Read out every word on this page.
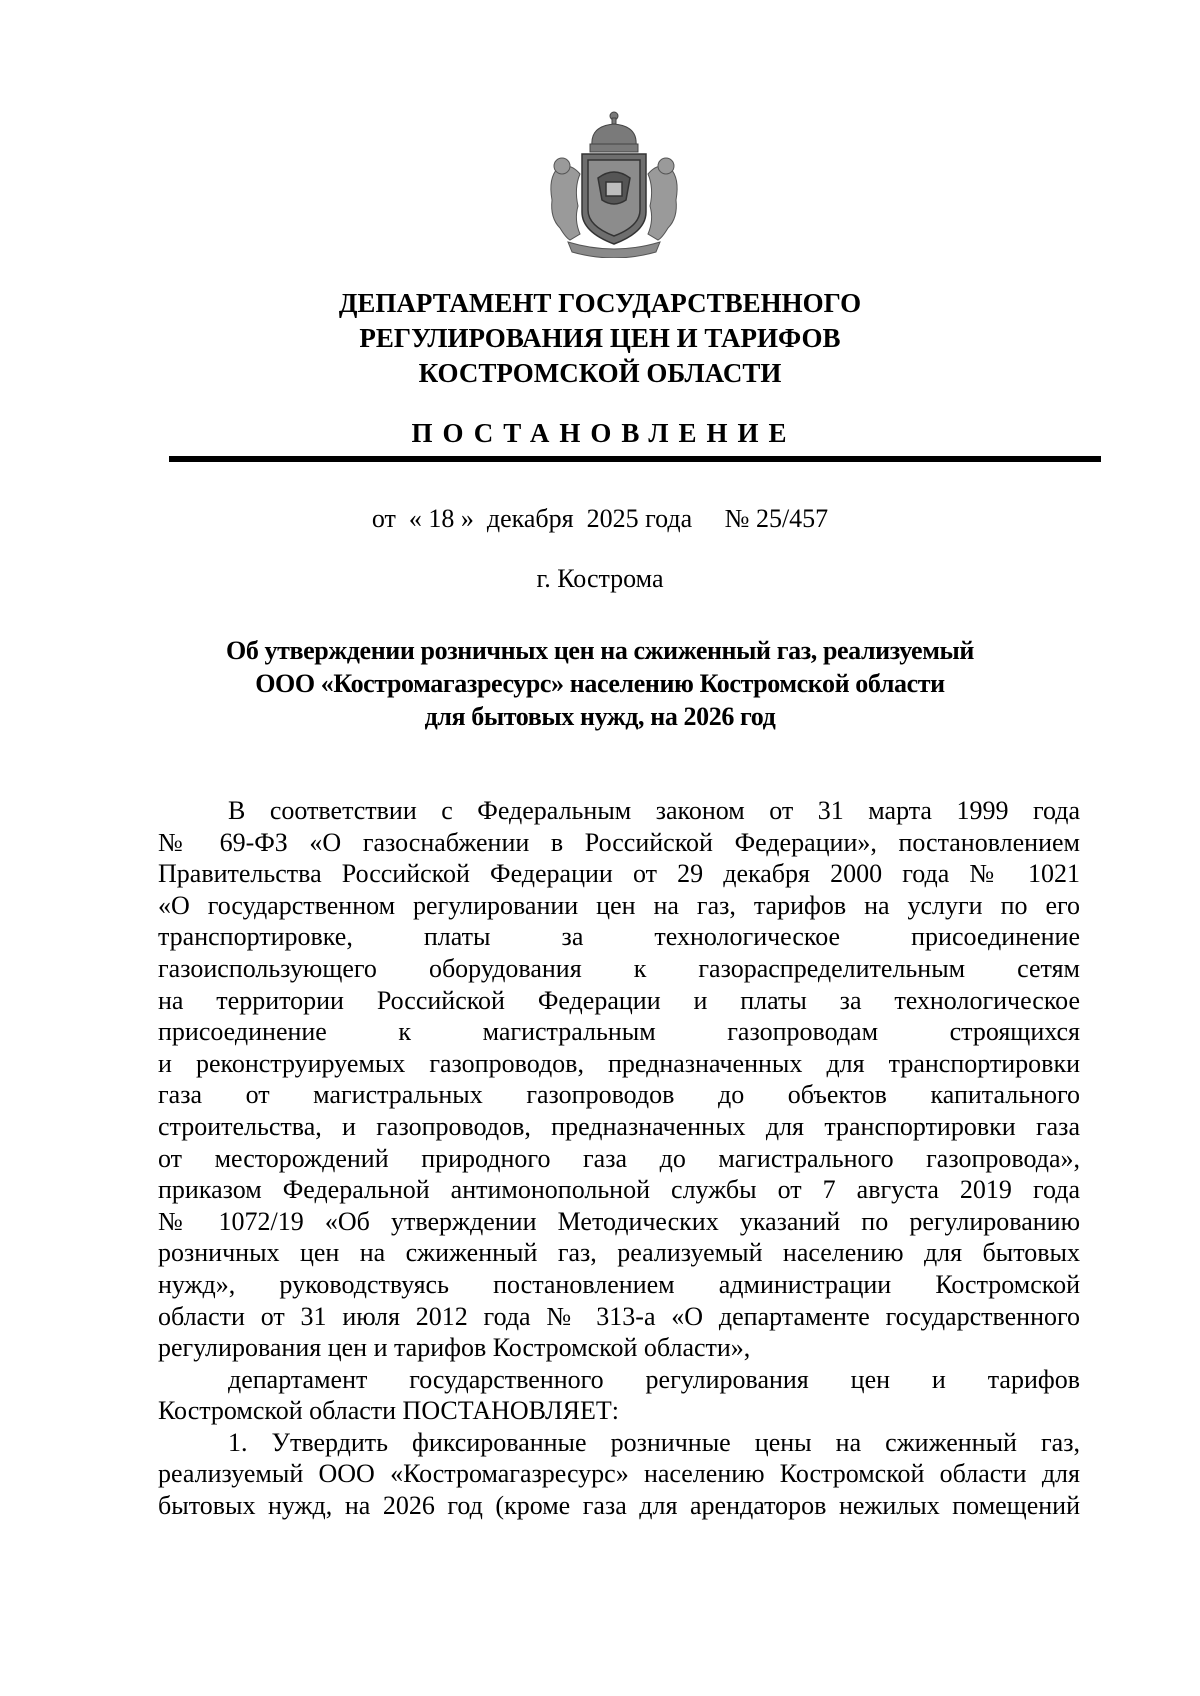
ДЕПАРТАМЕНТ ГОСУДАРСТВЕННОГО
РЕГУЛИРОВАНИЯ ЦЕН И ТАРИФОВ
КОСТРОМСКОЙ ОБЛАСТИ
ПОСТАНОВЛЕНИЕ
от « 18 » декабря 2025 года № 25/457
г. Кострома
Об утверждении розничных цен на сжиженный газ, реализуемый
ООО «Костромагазресурс» населению Костромской области
для бытовых нужд, на 2026 год
В соответствии с Федеральным законом от 31 марта 1999 года
№ 69-ФЗ «О газоснабжении в Российской Федерации», постановлением
Правительства Российской Федерации от 29 декабря 2000 года № 1021
«О государственном регулировании цен на газ, тарифов на услуги по его
транспортировке, платы за технологическое присоединение
газоиспользующего оборудования к газораспределительным сетям
на территории Российской Федерации и платы за технологическое
присоединение к магистральным газопроводам строящихся
и реконструируемых газопроводов, предназначенных для транспортировки
газа от магистральных газопроводов до объектов капитального
строительства, и газопроводов, предназначенных для транспортировки газа
от месторождений природного газа до магистрального газопровода»,
приказом Федеральной антимонопольной службы от 7 августа 2019 года
№ 1072/19 «Об утверждении Методических указаний по регулированию
розничных цен на сжиженный газ, реализуемый населению для бытовых
нужд», руководствуясь постановлением администрации Костромской
области от 31 июля 2012 года № 313-а «О департаменте государственного
регулирования цен и тарифов Костромской области»,
департамент государственного регулирования цен и тарифов
Костромской области ПОСТАНОВЛЯЕТ:
1. Утвердить фиксированные розничные цены на сжиженный газ,
реализуемый ООО «Костромагазресурс» населению Костромской области для
бытовых нужд, на 2026 год (кроме газа для арендаторов нежилых помещений
